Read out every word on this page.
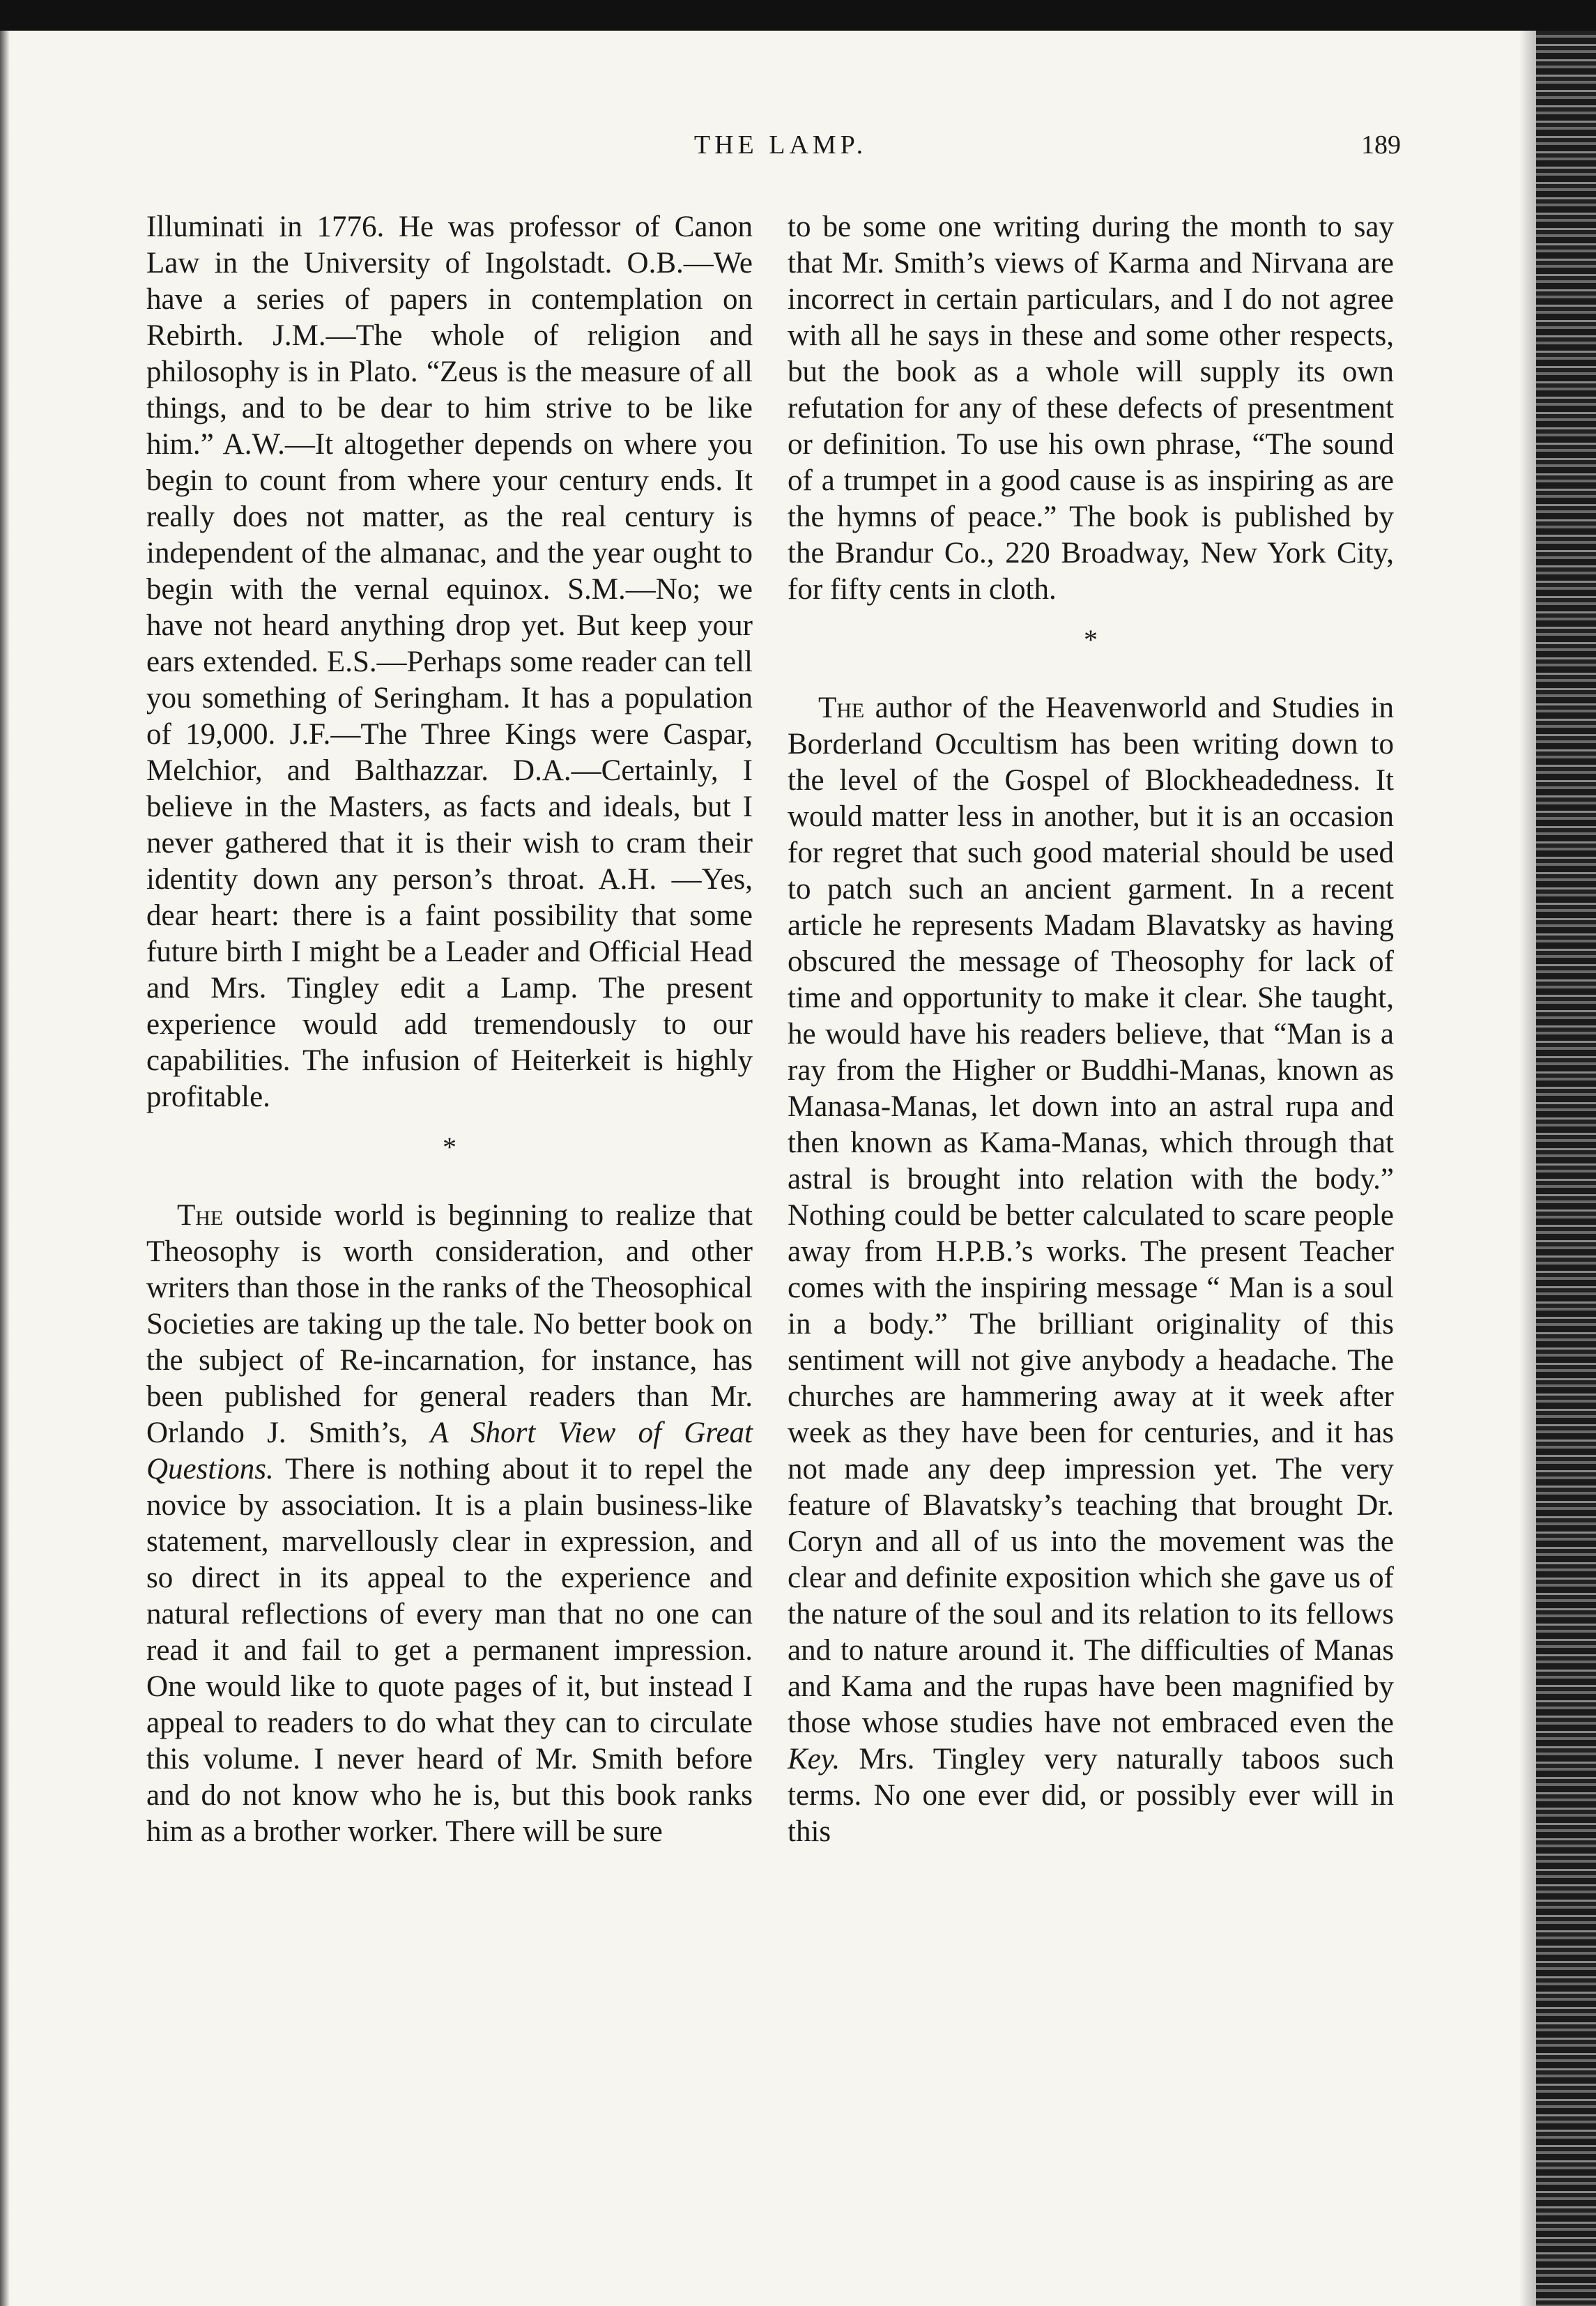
THE LAMP.	189

Illuminati in 1776. He was professor of Canon Law in the University of Ingolstadt. O.B.—We have a series of papers in contemplation on Rebirth. J.M.—The whole of religion and philosophy is in Plato. “Zeus is the measure of all things, and to be dear to him strive to be like him.” A.W.—It altogether depends on where you begin to count from where your century ends. It really does not matter, as the real century is independent of the almanac, and the year ought to begin with the vernal equinox. S.M.—No; we have not heard anything drop yet. But keep your ears extended. E.S.—Perhaps some reader can tell you something of Seringham. It has a population of 19,000. J.F.—The Three Kings were Caspar, Melchior, and Balthazzar. D.A.—Certainly, I believe in the Masters, as facts and ideals, but I never gathered that it is their wish to cram their identity down any person’s throat. A.H. —Yes, dear heart: there is a faint possibility that some future birth I might be a Leader and Official Head and Mrs. Tingley edit a Lamp. The present experience would add tremendously to our capabilities. The infusion of Heiterkeit is highly profitable.

*

The outside world is beginning to realize that Theosophy is worth consideration, and other writers than those in the ranks of the Theosophical Societies are taking up the tale. No better book on the subject of Re-incarnation, for instance, has been published for general readers than Mr. Orlando J. Smith’s, A Short View of Great Questions. There is nothing about it to repel the novice by association. It is a plain business-like statement, marvellously clear in expression, and so direct in its appeal to the experience and natural reflections of every man that no one can read it and fail to get a permanent impression. One would like to quote pages of it, but instead I appeal to readers to do what they can to circulate this volume. I never heard of Mr. Smith before and do not know who he is, but this book ranks him as a brother worker. There will be sure

to be some one writing during the month to say that Mr. Smith’s views of Karma and Nirvana are incorrect in certain particulars, and I do not agree with all he says in these and some other respects, but the book as a whole will supply its own refutation for any of these defects of presentment or definition. To use his own phrase, “The sound of a trumpet in a good cause is as inspiring as are the hymns of peace.” The book is published by the Brandur Co., 220 Broadway, New York City, for fifty cents in cloth.

*

The author of the Heavenworld and Studies in Borderland Occultism has been writing down to the level of the Gospel of Blockheadedness. It would matter less in another, but it is an occasion for regret that such good material should be used to patch such an ancient garment. In a recent article he represents Madam Blavatsky as having obscured the message of Theosophy for lack of time and opportunity to make it clear. She taught, he would have his readers believe, that “Man is a ray from the Higher or Buddhi-Manas, known as Manasa-Manas, let down into an astral rupa and then known as Kama-Manas, which through that astral is brought into relation with the body.” Nothing could be better calculated to scare people away from H.P.B.’s works. The present Teacher comes with the inspiring message “ Man is a soul in a body.” The brilliant originality of this sentiment will not give anybody a headache. The churches are hammering away at it week after week as they have been for centuries, and it has not made any deep impression yet. The very feature of Blavatsky’s teaching that brought Dr. Coryn and all of us into the movement was the clear and definite exposition which she gave us of the nature of the soul and its relation to its fellows and to nature around it. The difficulties of Manas and Kama and the rupas have been magnified by those whose studies have not embraced even the Key. Mrs. Tingley very naturally taboos such terms. No one ever did, or possibly ever will in this
